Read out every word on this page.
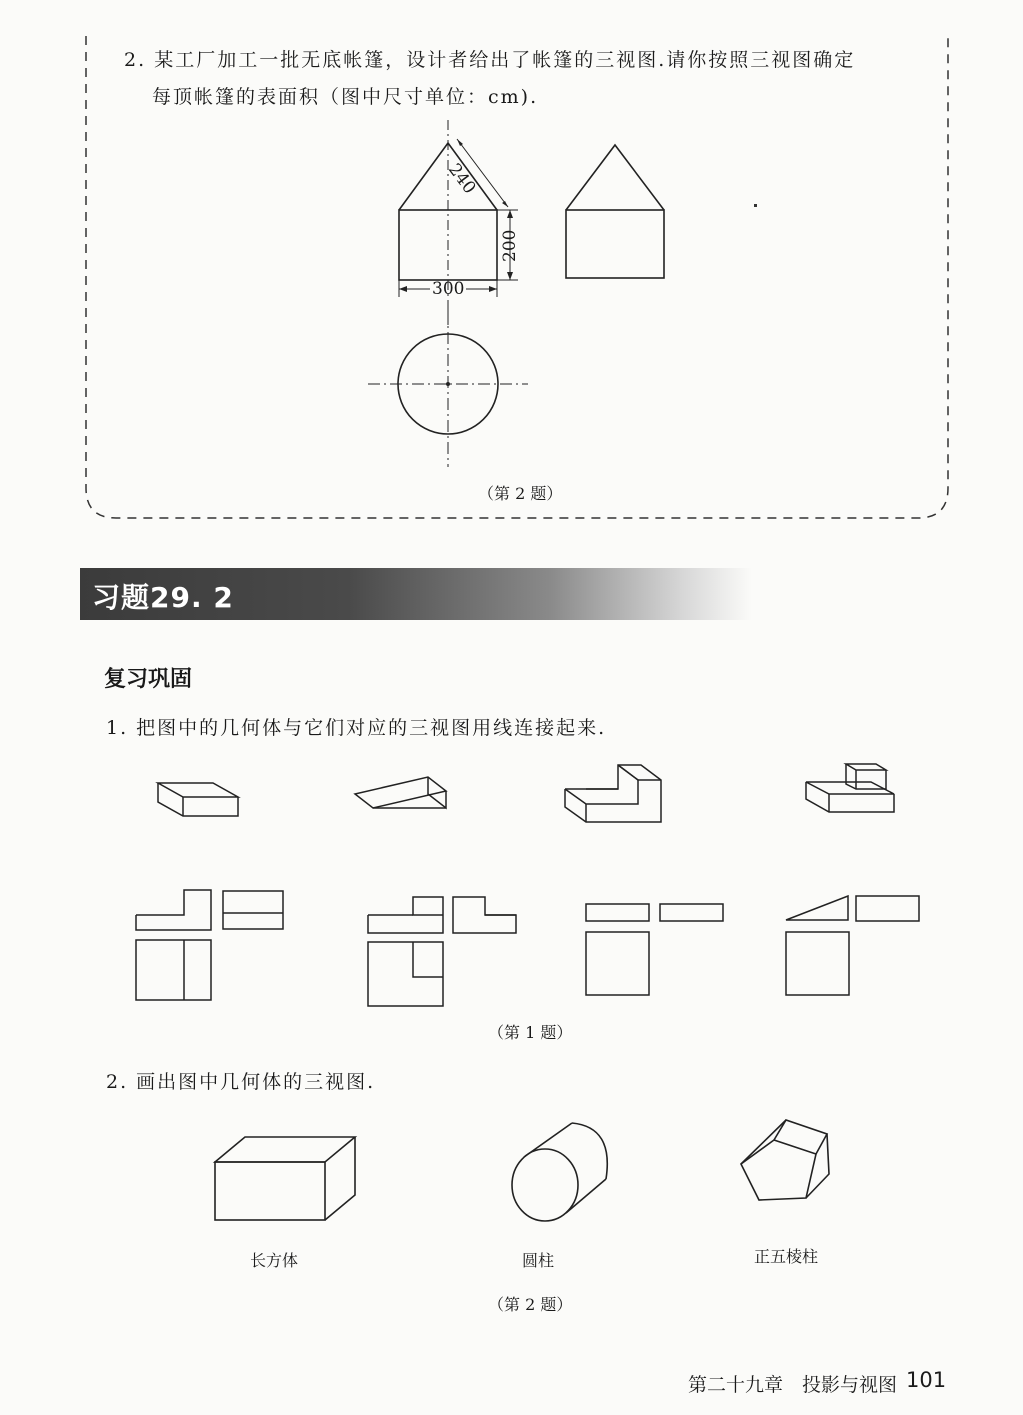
2. 某工厂加工一批无底帐篷，设计者给出了帐篷的三视图.请你按照三视图确定
每顶帐篷的表面积（图中尺寸单位：cm).
240
200
300
（第 2 题）
习题29. 2
复习巩固
1. 把图中的几何体与它们对应的三视图用线连接起来.
（第 1 题）
2. 画出图中几何体的三视图.
长方体	圆柱	正五棱柱
（第 2 题）
第二十九章　投影与视图 101
